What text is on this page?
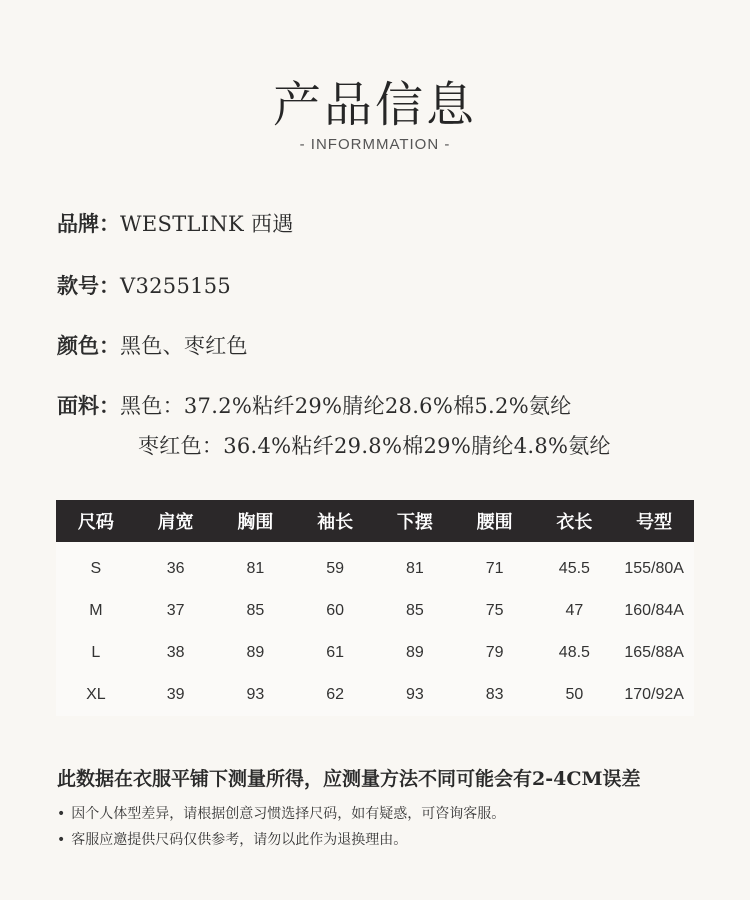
产品信息
- INFORMMATION -
品牌：WESTLINK 西遇
款号：V3255155
颜色：黑色、枣红色
面料：黑色：37.2%粘纤29%腈纶28.6%棉5.2%氨纶
枣红色：36.4%粘纤29.8%棉29%腈纶4.8%氨纶
尺码	肩宽	胸围	袖长	下摆	腰围	衣长	号型
S	36	81	59	81	71	45.5	155/80A
M	37	85	60	85	75	47	160/84A
L	38	89	61	89	79	48.5	165/88A
XL	39	93	62	93	83	50	170/92A
此数据在衣服平铺下测量所得，应测量方法不同可能会有2-4CM误差
• 因个人体型差异，请根据创意习惯选择尺码，如有疑惑，可咨询客服。
• 客服应邀提供尺码仅供参考，请勿以此作为退换理由。
